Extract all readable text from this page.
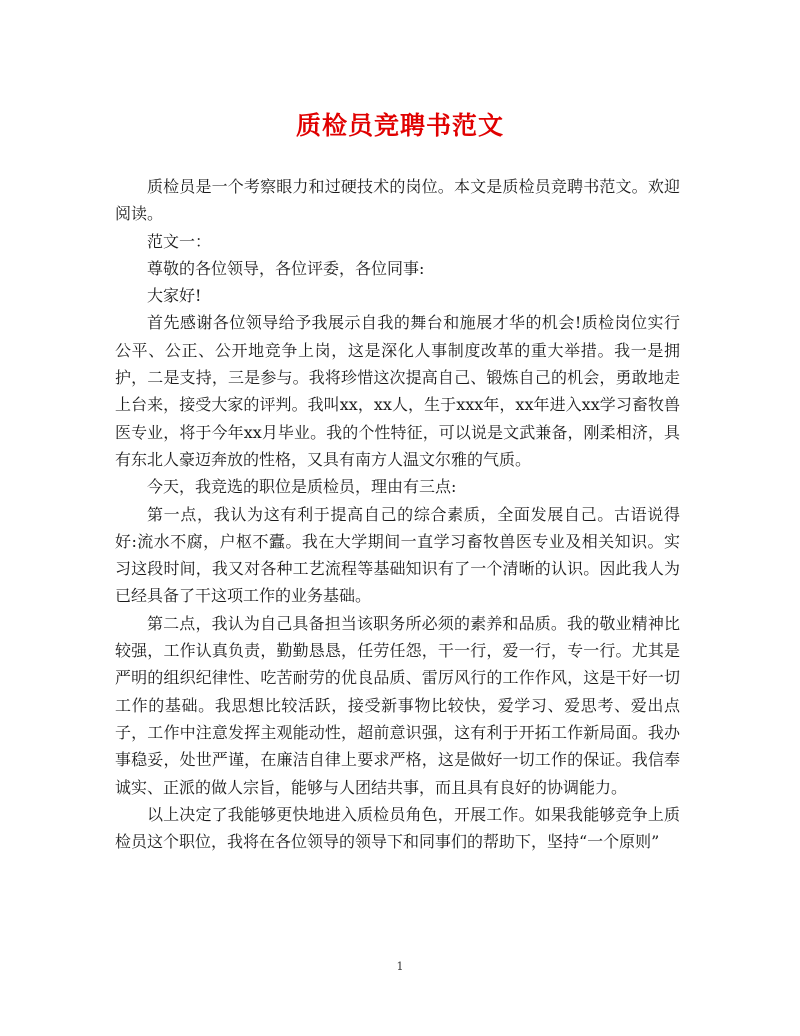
质检员竞聘书范文

质检员是一个考察眼力和过硬技术的岗位。本文是质检员竞聘书范文。欢迎阅读。

范文一：

尊敬的各位领导，各位评委，各位同事:

大家好!

首先感谢各位领导给予我展示自我的舞台和施展才华的机会!质检岗位实行公平、公正、公开地竞争上岗，这是深化人事制度改革的重大举措。我一是拥护，二是支持，三是参与。我将珍惜这次提高自己、锻炼自己的机会，勇敢地走上台来，接受大家的评判。我叫xx，xx人，生于xxx年，xx年进入xx学习畜牧兽医专业，将于今年xx月毕业。我的个性特征，可以说是文武兼备，刚柔相济，具有东北人豪迈奔放的性格，又具有南方人温文尔雅的气质。

今天，我竞选的职位是质检员，理由有三点:

第一点，我认为这有利于提高自己的综合素质，全面发展自己。古语说得好:流水不腐，户枢不蠹。我在大学期间一直学习畜牧兽医专业及相关知识。实习这段时间，我又对各种工艺流程等基础知识有了一个清晰的认识。因此我人为已经具备了干这项工作的业务基础。

第二点，我认为自己具备担当该职务所必须的素养和品质。我的敬业精神比较强，工作认真负责，勤勤恳恳，任劳任怨，干一行，爱一行，专一行。尤其是严明的组织纪律性、吃苦耐劳的优良品质、雷厉风行的工作作风，这是干好一切工作的基础。我思想比较活跃，接受新事物比较快，爱学习、爱思考、爱出点子，工作中注意发挥主观能动性，超前意识强，这有利于开拓工作新局面。我办事稳妥，处世严谨，在廉洁自律上要求严格，这是做好一切工作的保证。我信奉诚实、正派的做人宗旨，能够与人团结共事，而且具有良好的协调能力。

以上决定了我能够更快地进入质检员角色，开展工作。如果我能够竞争上质检员这个职位，我将在各位领导的领导下和同事们的帮助下，坚持“一个原则”

1
